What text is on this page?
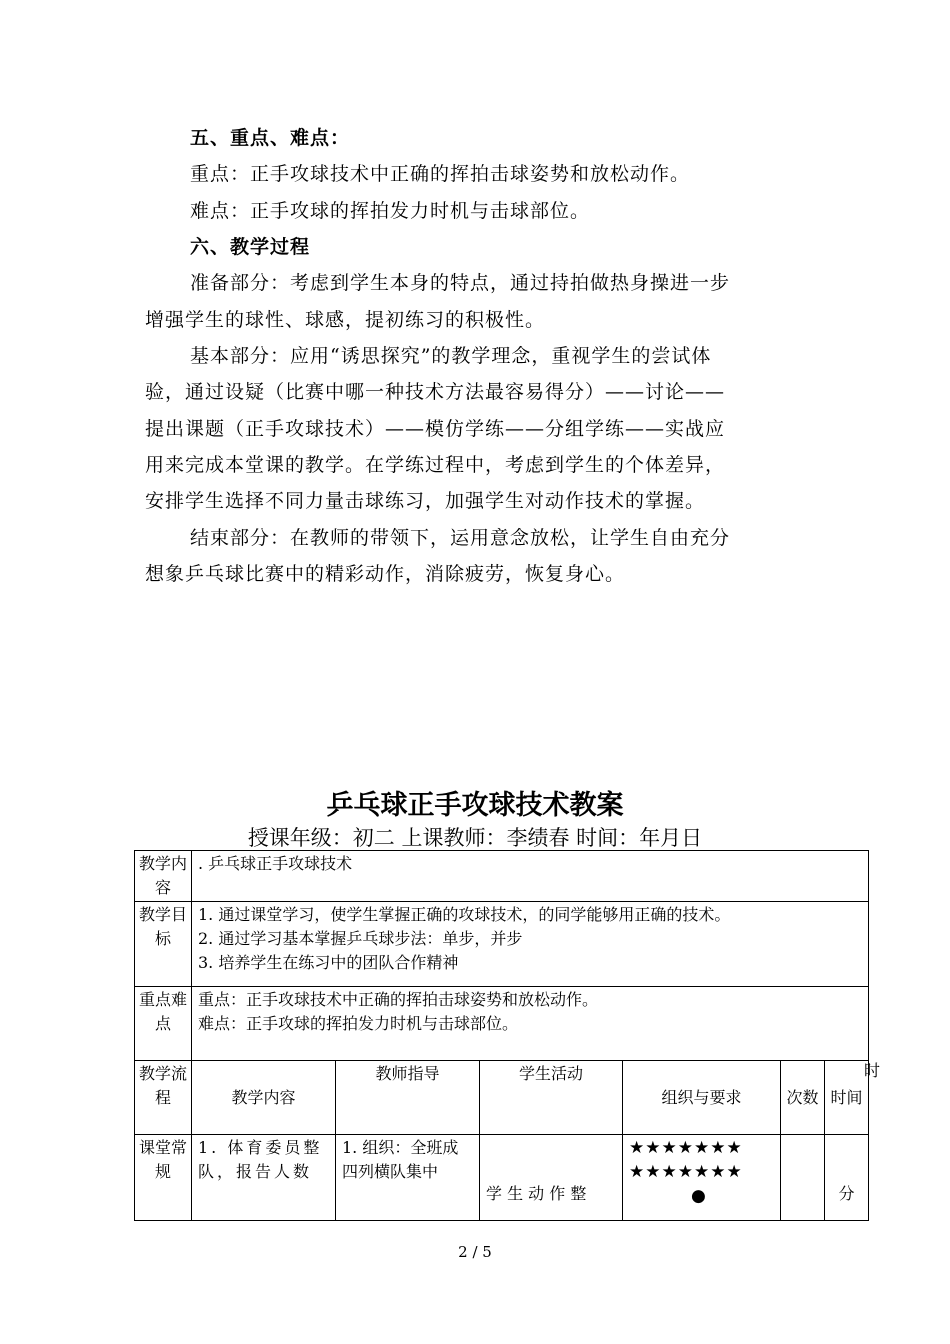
五、重点、难点：
重点：正手攻球技术中正确的挥拍击球姿势和放松动作。
难点：正手攻球的挥拍发力时机与击球部位。
六、教学过程
准备部分：考虑到学生本身的特点，通过持拍做热身操进一步
增强学生的球性、球感，提初练习的积极性。
基本部分：应用“诱思探究”的教学理念，重视学生的尝试体
验，通过设疑（比赛中哪一种技术方法最容易得分）——讨论——
提出课题（正手攻球技术）——模仿学练——分组学练——实战应
用来完成本堂课的教学。在学练过程中，考虑到学生的个体差异，
安排学生选择不同力量击球练习，加强学生对动作技术的掌握。
结束部分：在教师的带领下，运用意念放松，让学生自由充分
想象乒乓球比赛中的精彩动作，消除疲劳，恢复身心。
乒乓球正手攻球技术教案
授课年级：初二 上课教师：李绩春 时间：年月日
教学内容	. 乒乓球正手攻球技术					
教学目标	1. 通过课堂学习，使学生掌握正确的攻球技术，的同学能够用正确的技术。
2. 通过学习基本掌握乒乓球步法：单步，并步
3. 培养学生在练习中的团队合作精神					

重点难点	重点：正手攻球技术中正确的挥拍击球姿势和放松动作。
难点：正手攻球的挥拍发力时机与击球部位。					

教学流程	教学内容	教师指导	学生活动	组织与要求	次数	时
时间

课堂常规	1. 体育委员整队，报告人数	1. 组织：全班成四列横队集中	学 生 动 作 整	★★★★★★★
★★★★★★★
●		分
2 / 5
